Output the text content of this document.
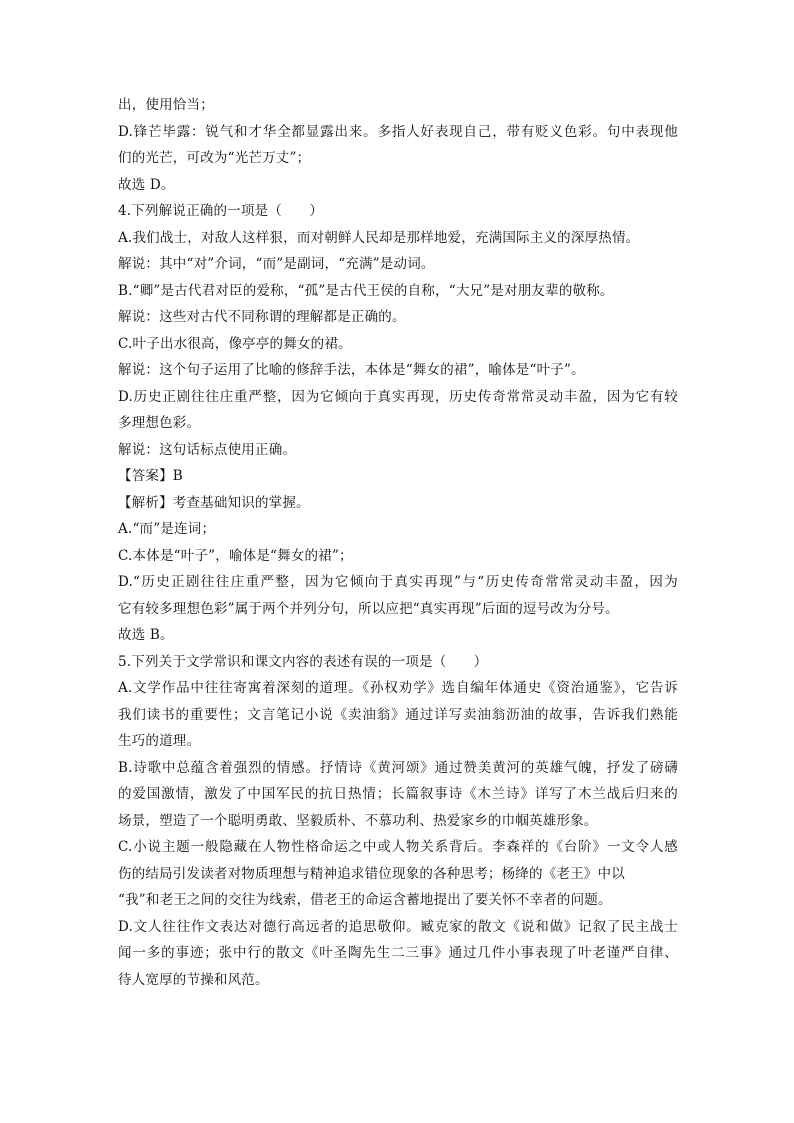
出，使用恰当；
D.锋芒毕露：锐气和才华全都显露出来。多指人好表现自己，带有贬义色彩。句中表现他
们的光芒，可改为“光芒万丈”；
故选 D。
4.下列解说正确的一项是（　　）
A.我们战士，对敌人这样狠，而对朝鲜人民却是那样地爱，充满国际主义的深厚热情。
解说：其中“对”介词，“而”是副词，“充满”是动词。
B.“卿”是古代君对臣的爱称，“孤”是古代王侯的自称，“大兄”是对朋友辈的敬称。
解说：这些对古代不同称谓的理解都是正确的。
C.叶子出水很高，像亭亭的舞女的裙。
解说：这个句子运用了比喻的修辞手法，本体是“舞女的裙”，喻体是“叶子”。
D.历史正剧往往庄重严整，因为它倾向于真实再现，历史传奇常常灵动丰盈，因为它有较
多理想色彩。
解说：这句话标点使用正确。
【答案】B
【解析】考查基础知识的掌握。
A.“而”是连词；
C.本体是“叶子”，喻体是“舞女的裙”；
D.“历史正剧往往庄重严整，因为它倾向于真实再现”与“历史传奇常常灵动丰盈，因为
它有较多理想色彩”属于两个并列分句，所以应把“真实再现”后面的逗号改为分号。
故选 B。
5.下列关于文学常识和课文内容的表述有误的一项是（　　）
A.文学作品中往往寄寓着深刻的道理。《孙权劝学》选自编年体通史《资治通鉴》，它告诉
我们读书的重要性；文言笔记小说《卖油翁》通过详写卖油翁沥油的故事，告诉我们熟能
生巧的道理。
B.诗歌中总蕴含着强烈的情感。抒情诗《黄河颂》通过赞美黄河的英雄气魄，抒发了磅礴
的爱国激情，激发了中国军民的抗日热情；长篇叙事诗《木兰诗》详写了木兰战后归来的
场景，塑造了一个聪明勇敢、坚毅质朴、不慕功利、热爱家乡的巾帼英雄形象。
C.小说主题一般隐藏在人物性格命运之中或人物关系背后。李森祥的《台阶》一文令人感
伤的结局引发读者对物质理想与精神追求错位现象的各种思考；杨绛的《老王》中以
“我”和老王之间的交往为线索，借老王的命运含蓄地提出了要关怀不幸者的问题。
D.文人往往作文表达对德行高远者的追思敬仰。臧克家的散文《说和做》记叙了民主战士
闻一多的事迹；张中行的散文《叶圣陶先生二三事》通过几件小事表现了叶老谨严自律、
待人宽厚的节操和风范。
